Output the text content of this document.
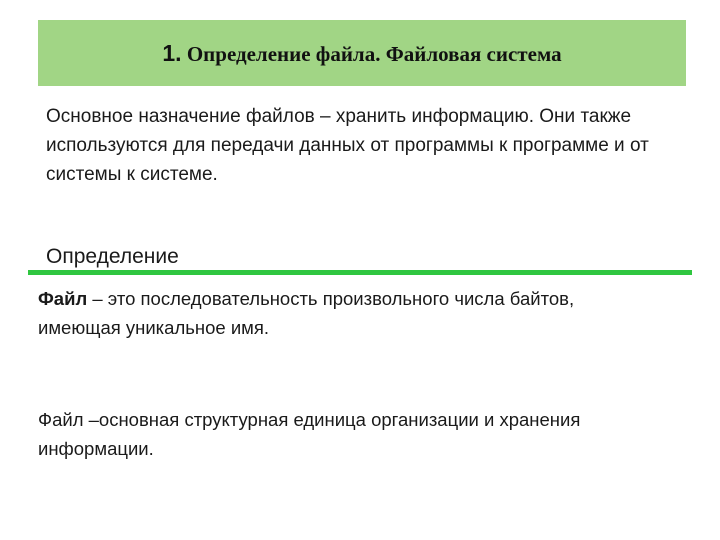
1. Определение файла. Файловая система

Основное назначение файлов – хранить информацию. Они также используются для передачи данных от программы к программе и от системы к системе.

Определение

Файл – это последовательность произвольного числа байтов, имеющая уникальное имя.

Файл –основная структурная единица организации и хранения информации.
